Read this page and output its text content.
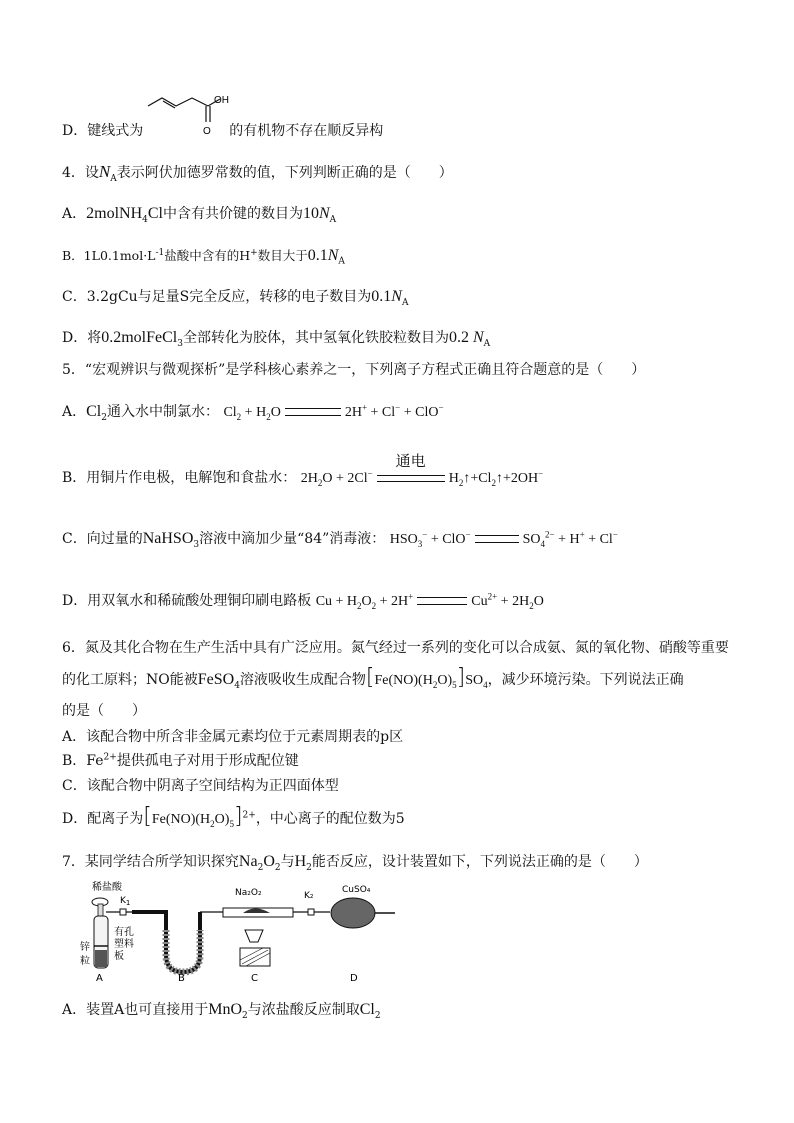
D．键线式为	的有机物不存在顺反异构
OH
O
4．设$N_A$表示阿伏加德罗常数的值，下列判断正确的是（　　）
A．2molNH$_4$Cl中含有共价键的数目为$10N_A$
B．$1L0.1mol\cdot L^{-1}$盐酸中含有的H+数目大于$0.1N_A$
C．3.2gCu与足量S完全反应，转移的电子数目为$0.1N_A$
D．将0.2molFeCl$_3$全部转化为胶体，其中氢氧化铁胶粒数目为0.2 $N_A$
5．“宏观辨识与微观探析”是学科核心素养之一，下列离子方程式正确且符合题意的是（　　）
A．$Cl_2$通入水中制氯水： $Cl_2 + H_2O$	2H+ + Cl− + ClO−
B．用铜片作电极，电解饱和食盐水： $2H_2O + 2Cl^-$
通电
$H_2↑+Cl_2↑+2OH^-$
C．向过量的NaHSO$_3$溶液中滴加少量“84”消毒液： $HSO_3^- + ClO^-$	$SO_4^{2-} + H^+ + Cl^-$
D．用双氧水和稀硫酸处理铜印刷电路板 $Cu + H_2O_2 + 2H^+$	$Cu^{2+} + 2H_2O$
6．氮及其化合物在生产生活中具有广泛应用。氮气经过一系列的变化可以合成氨、氮的氧化物、硝酸等重要
的化工原料；NO能被FeSO$_4$溶液吸收生成配合物$[Fe(NO)(H_2O)_5]SO_4$，减少环境污染。下列说法正确
的是（　　）
A．该配合物中所含非金属元素均位于元素周期表的p区
B．$Fe^{2+}$提供孤电子对用于形成配位键
C．该配合物中阴离子空间结构为正四面体型
D．配离子为$[Fe(NO)(H_2O)_5]^{2+}$，中心离子的配位数为5
7．某同学结合所学知识探究$Na_2O_2$与$H_2$能否反应，设计装置如下，下列说法正确的是（　　）
稀盐酸
$K_1$
锌
粒
有孔
塑料
板
A	B
Na₂O₂
C
K₂
CuSO₄
D
A．装置A也可直接用于MnO$_2$与浓盐酸反应制取$Cl_2$
